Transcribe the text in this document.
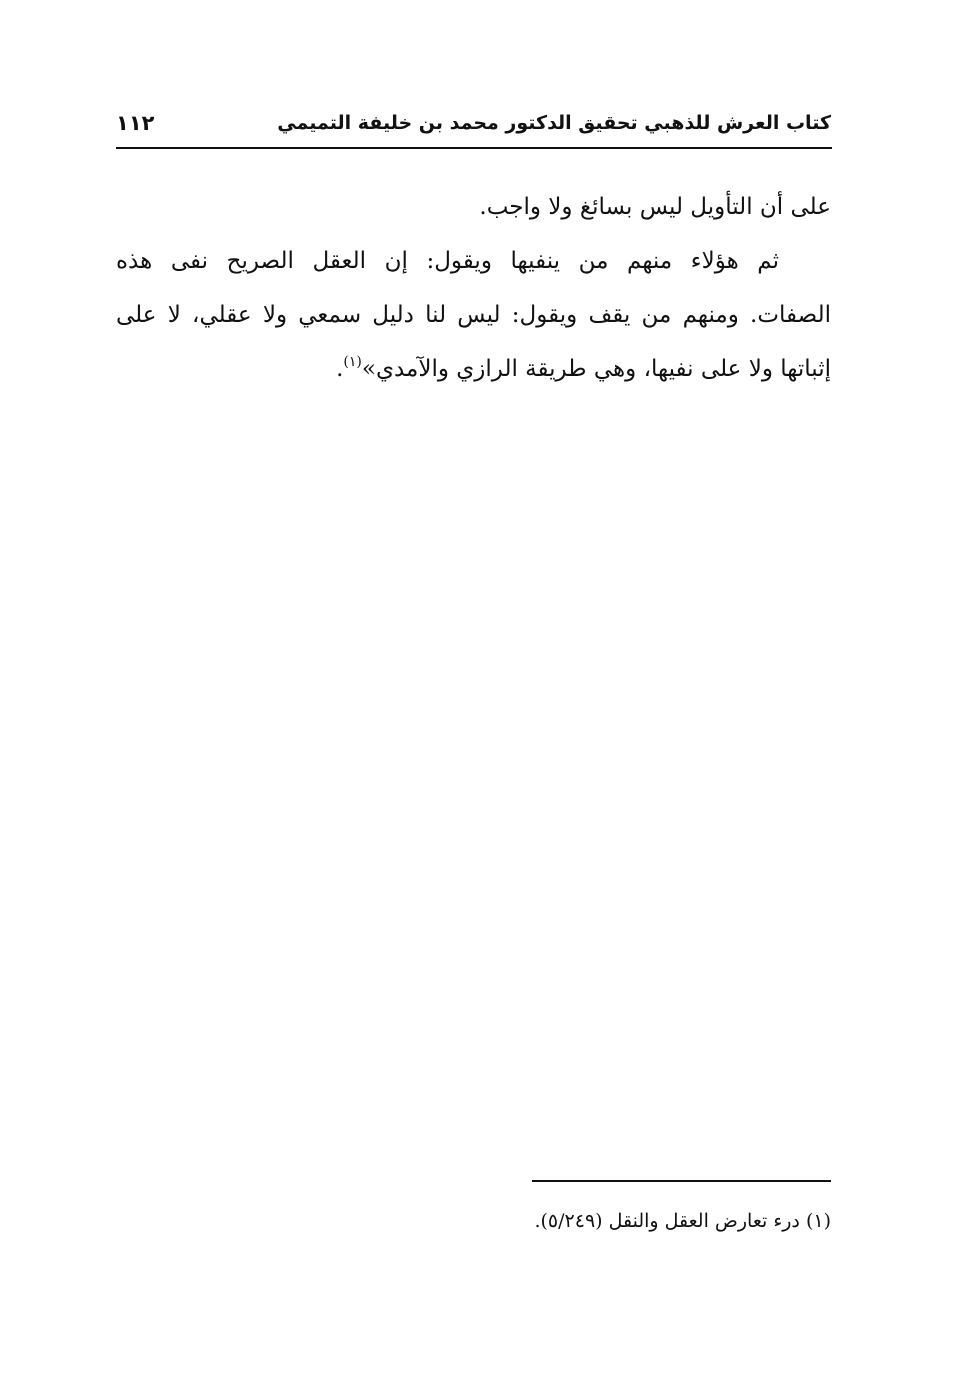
كتاب العرش للذهبي تحقيق الدكتور محمد بن خليفة التميمي
١١٢
على أن التأويل ليس بسائغ ولا واجب.
ثم هؤلاء منهم من ينفيها ويقول: إن العقل الصريح نفى هذه
الصفات. ومنهم من يقف ويقول: ليس لنا دليل سمعي ولا عقلي، لا على
إثباتها ولا على نفيها، وهي طريقة الرازي والآمدي»$^{(١)}$.
(١) درء تعارض العقل والنقل (٥/٢٤٩).
